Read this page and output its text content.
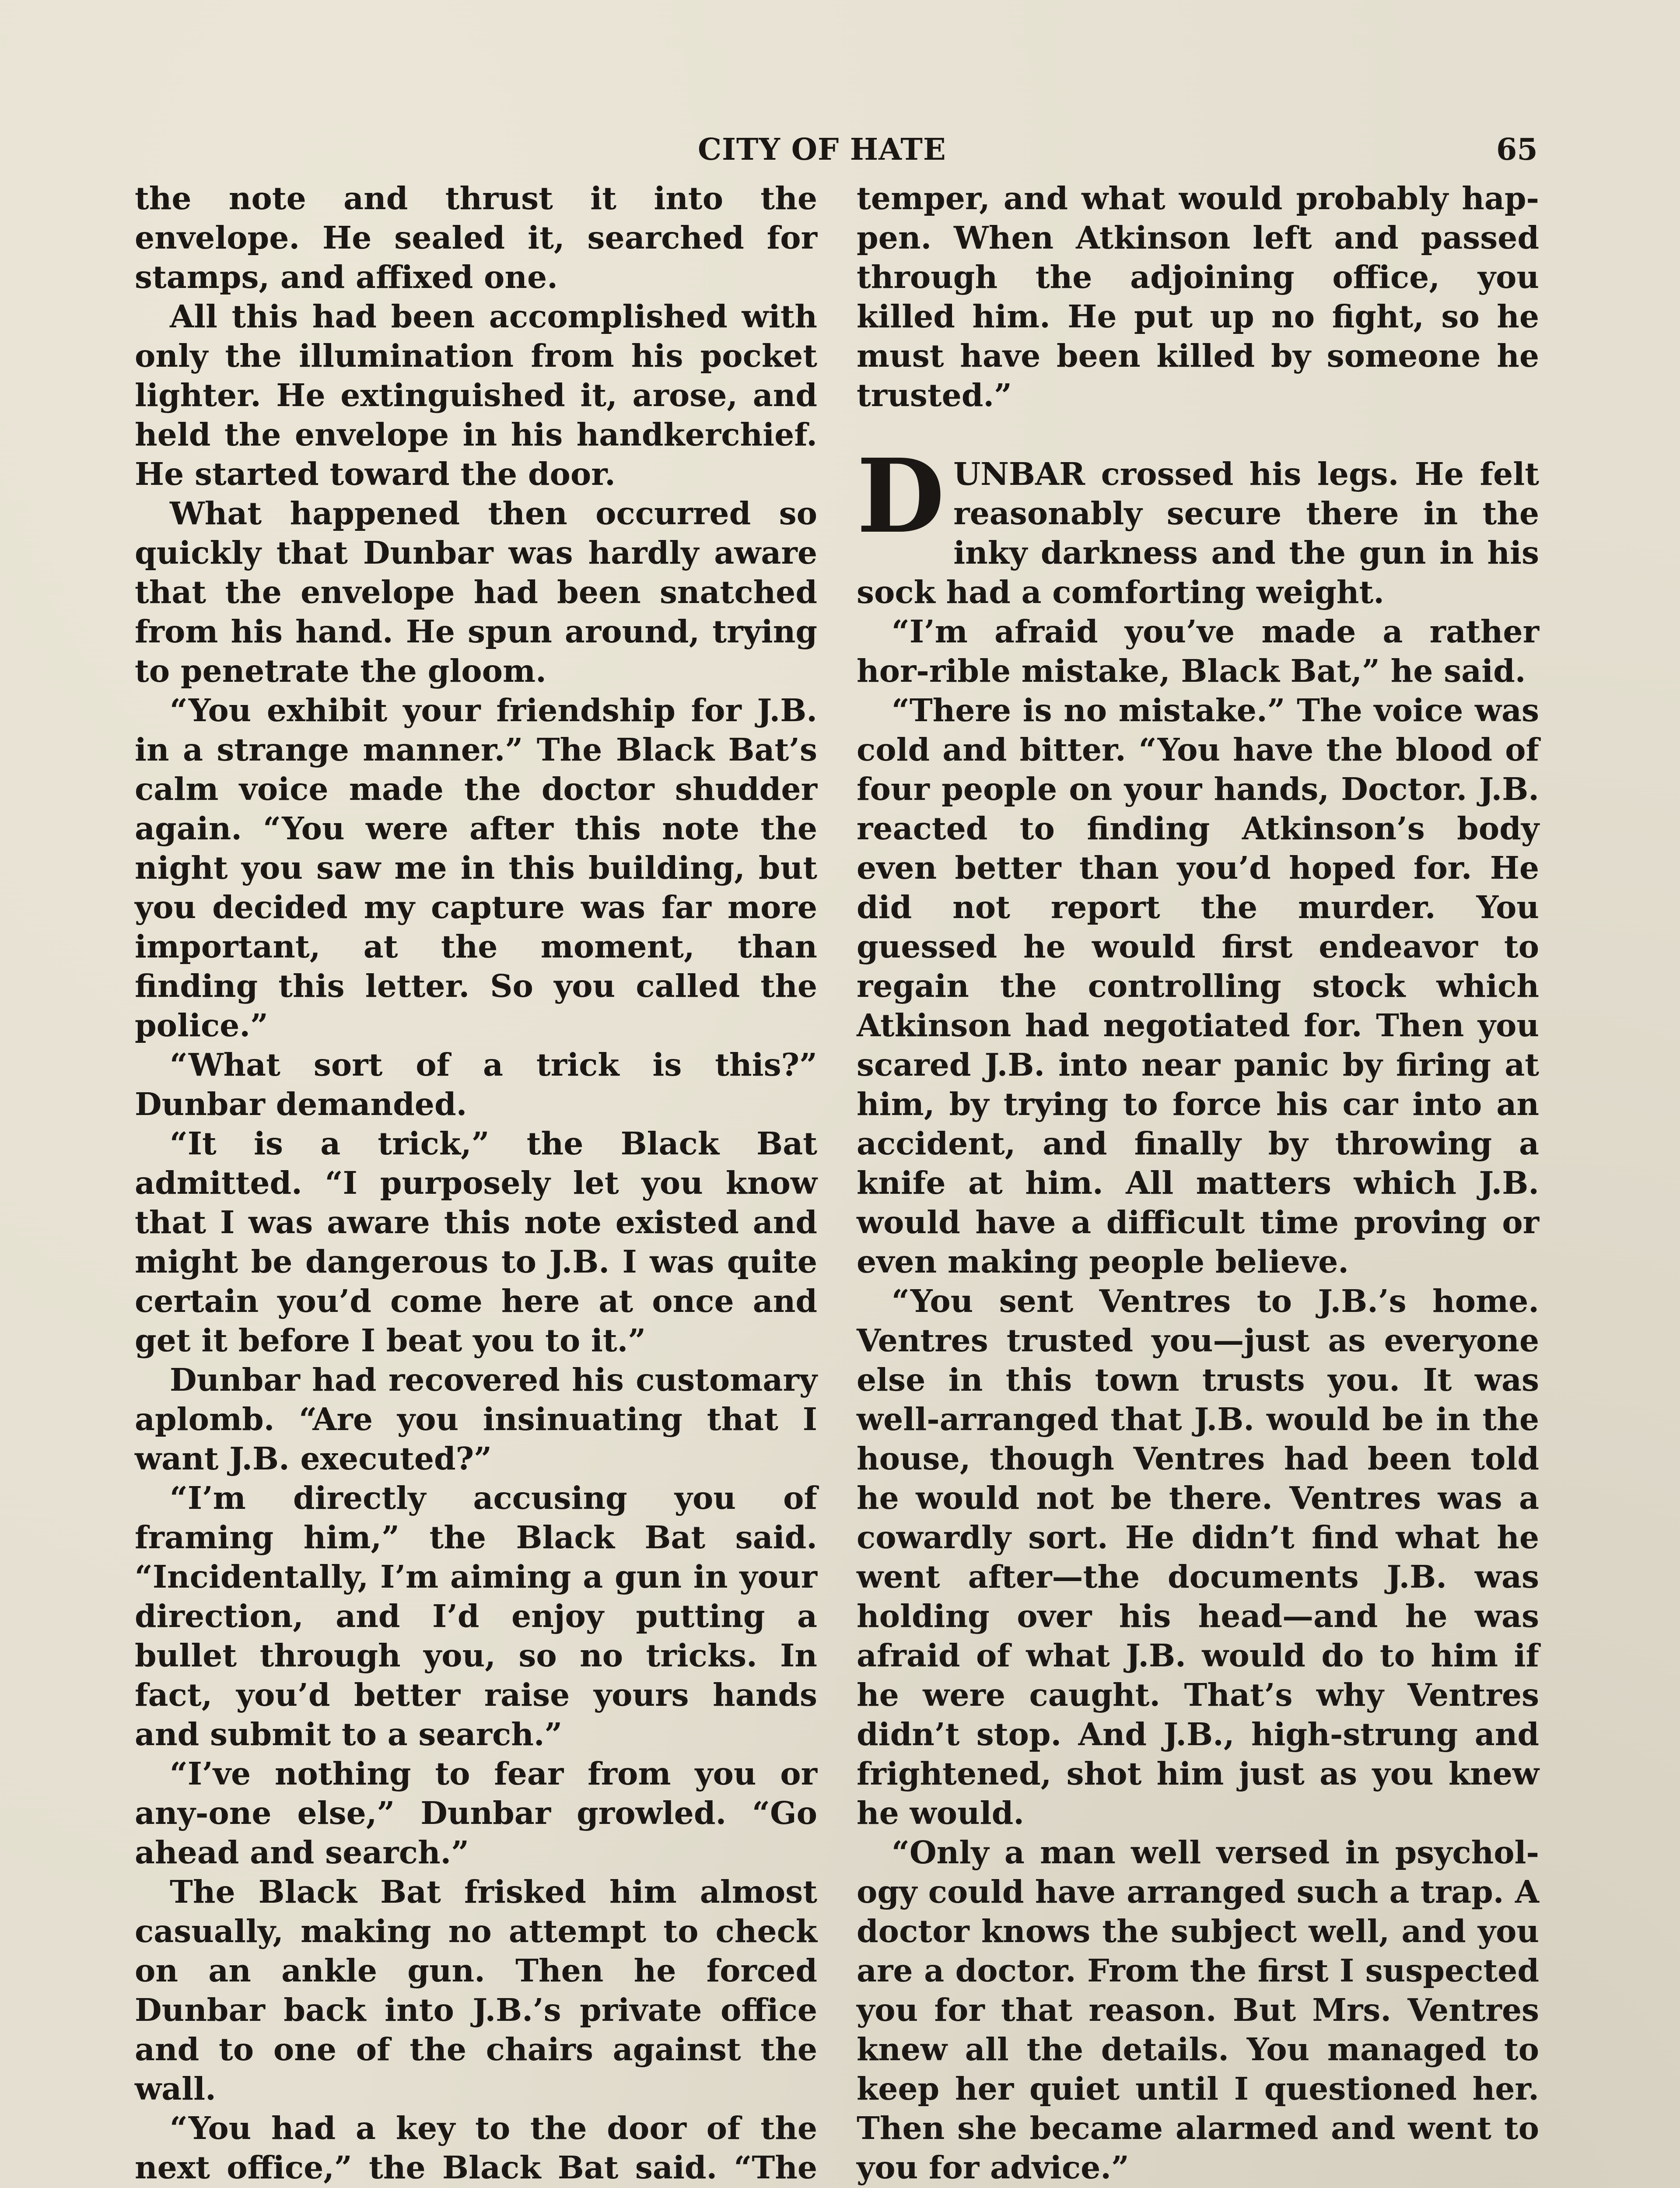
CITY OF HATE	65

the note and thrust it into the envelope. He sealed it, searched for stamps, and affixed one.

All this had been accomplished with only the illumination from his pocket lighter. He extinguished it, arose, and held the envelope in his handkerchief. He started toward the door.

What happened then occurred so quickly that Dunbar was hardly aware that the envelope had been snatched from his hand. He spun around, trying to penetrate the gloom.

“You exhibit your friendship for J.B. in a strange manner.” The Black Bat’s calm voice made the doctor shudder again. “You were after this note the night you saw me in this building, but you decided my capture was far more important, at the moment, than finding this letter. So you called the police.”

“What sort of a trick is this?” Dunbar demanded.

“It is a trick,” the Black Bat admitted. “I purposely let you know that I was aware this note existed and might be dangerous to J.B. I was quite certain you’d come here at once and get it before I beat you to it.”

Dunbar had recovered his customary aplomb. “Are you insinuating that I want J.B. executed?”

“I’m directly accusing you of framing him,” the Black Bat said. “Incidentally, I’m aiming a gun in your direction, and I’d enjoy putting a bullet through you, so no tricks. In fact, you’d better raise yours hands and submit to a search.”

“I’ve nothing to fear from you or any-one else,” Dunbar growled. “Go ahead and search.”

The Black Bat frisked him almost casually, making no attempt to check on an ankle gun. Then he forced Dunbar back into J.B.’s private office and to one of the chairs against the wall.

“You had a key to the door of the next office,” the Black Bat said. “The

temper, and what would probably hap-pen. When Atkinson left and passed through the adjoining office, you killed him. He put up no fight, so he must have been killed by someone he trusted.”

DUNBAR crossed his legs. He felt reasonably secure there in the inky darkness and the gun in his sock had a comforting weight.

“I’m afraid you’ve made a rather hor-rible mistake, Black Bat,” he said.

“There is no mistake.” The voice was cold and bitter. “You have the blood of four people on your hands, Doctor. J.B. reacted to finding Atkinson’s body even better than you’d hoped for. He did not report the murder. You guessed he would first endeavor to regain the controlling stock which Atkinson had negotiated for. Then you scared J.B. into near panic by firing at him, by trying to force his car into an accident, and finally by throwing a knife at him. All matters which J.B. would have a difficult time proving or even making people believe.

“You sent Ventres to J.B.’s home. Ventres trusted you—just as everyone else in this town trusts you. It was well-arranged that J.B. would be in the house, though Ventres had been told he would not be there. Ventres was a cowardly sort. He didn’t find what he went after—the documents J.B. was holding over his head—and he was afraid of what J.B. would do to him if he were caught. That’s why Ventres didn’t stop. And J.B., high-strung and frightened, shot him just as you knew he would.

“Only a man well versed in psychol-ogy could have arranged such a trap. A doctor knows the subject well, and you are a doctor. From the first I suspected you for that reason. But Mrs. Ventres knew all the details. You managed to keep her quiet until I questioned her. Then she became alarmed and went to you for advice.”
